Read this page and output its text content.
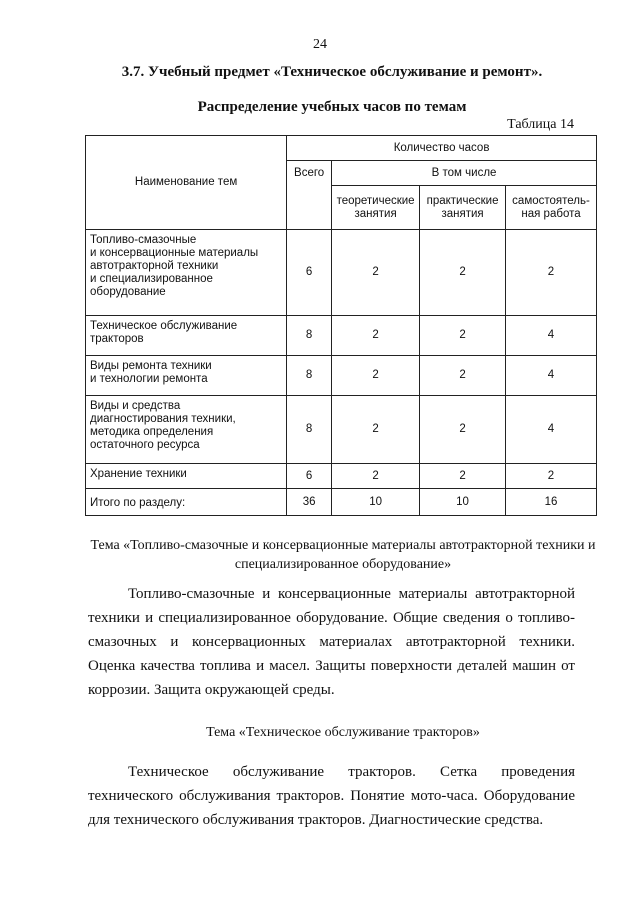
24
3.7. Учебный предмет «Техническое обслуживание и ремонт».
Распределение учебных часов по темам
Таблица 14
Наименование тем	Количество часов			
	Всего	В том числе		
		теоретические занятия	практические занятия	самостоятель-ная работа
Топливо-смазочные
и консервационные материалы
автотракторной техники
и специализированное
оборудование	6	2	2	2
Техническое обслуживание
тракторов	8	2	2	4
Виды ремонта техники
и технологии ремонта	8	2	2	4
Виды и средства
диагностирования техники,
методика определения
остаточного ресурса	8	2	2	4
Хранение техники	6	2	2	2
Итого по разделу:	36	10	10	16
Тема «Топливо-смазочные и консервационные материалы автотракторной техники и специализированное оборудование»
Топливо-смазочные и консервационные материалы автотракторной техники и специализированное оборудование. Общие сведения о топливо-смазочных и консервационных материалах автотракторной техники. Оценка качества топлива и масел. Защиты поверхности деталей машин от коррозии. Защита окружающей среды.
Тема «Техническое обслуживание тракторов»
Техническое обслуживание тракторов. Сетка проведения технического обслуживания тракторов. Понятие мото-часа. Оборудование для технического обслуживания тракторов. Диагностические средства.
